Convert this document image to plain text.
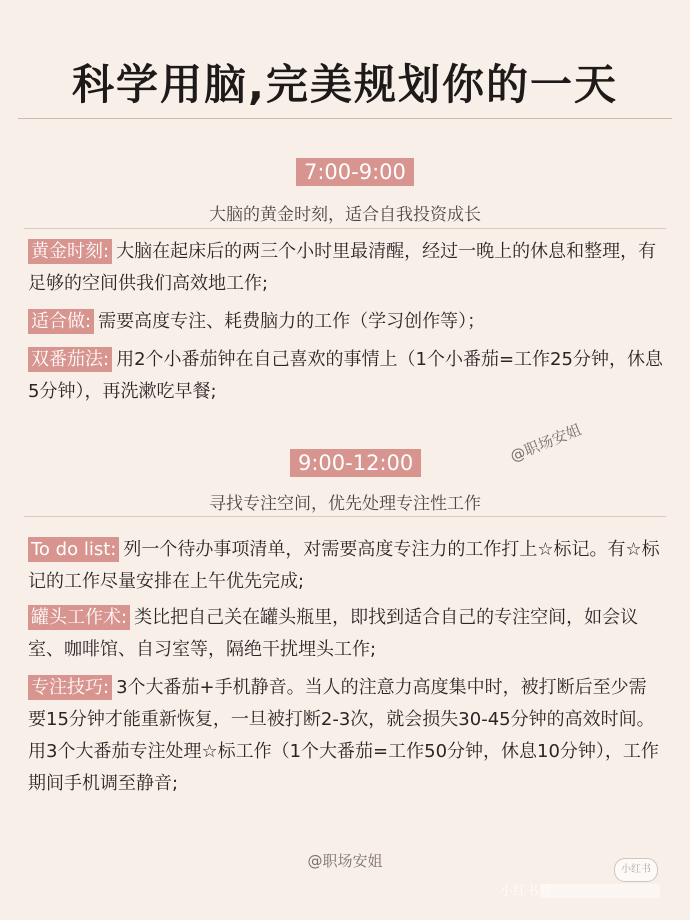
科学用脑,完美规划你的一天
7:00-9:00
大脑的黄金时刻，适合自我投资成长
黄金时刻: 大脑在起床后的两三个小时里最清醒，经过一晚上的休息和整理，有足够的空间供我们高效地工作;
适合做: 需要高度专注、耗费脑力的工作（学习创作等）；
双番茄法: 用2个小番茄钟在自己喜欢的事情上（1个小番茄=工作25分钟，休息5分钟），再洗漱吃早餐;
@职场安姐
9:00-12:00
寻找专注空间，优先处理专注性工作
To do list: 列一个待办事项清单，对需要高度专注力的工作打上☆标记。有☆标记的工作尽量安排在上午优先完成;
罐头工作术: 类比把自己关在罐头瓶里，即找到适合自己的专注空间，如会议室、咖啡馆、自习室等，隔绝干扰埋头工作;
专注技巧: 3个大番茄+手机静音。当人的注意力高度集中时，被打断后至少需要15分钟才能重新恢复，一旦被打断2-3次，就会损失30-45分钟的高效时间。用3个大番茄专注处理☆标工作（1个大番茄=工作50分钟，休息10分钟），工作期间手机调至静音;
@职场安姐	小红书
小红书号
